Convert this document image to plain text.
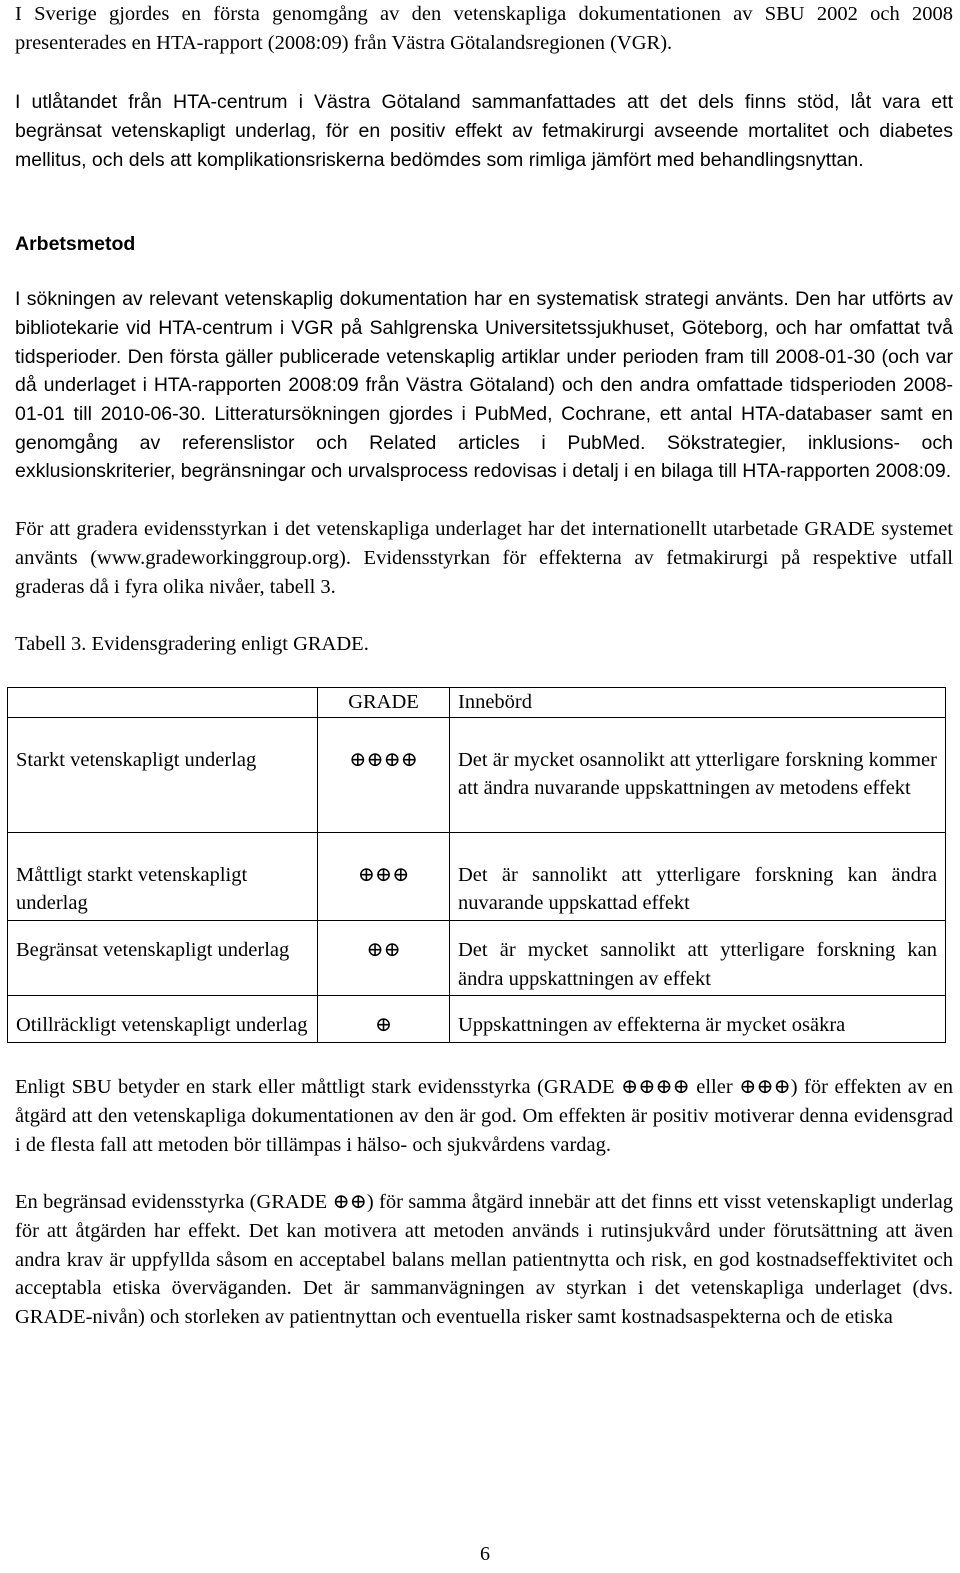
I Sverige gjordes en första genomgång av den vetenskapliga dokumentationen av SBU 2002 och 2008 presenterades en HTA-rapport (2008:09) från Västra Götalandsregionen (VGR).

I utlåtandet från HTA-centrum i Västra Götaland sammanfattades att det dels finns stöd, låt vara ett begränsat vetenskapligt underlag, för en positiv effekt av fetmakirurgi avseende mortalitet och diabetes mellitus, och dels att komplikationsriskerna bedömdes som rimliga jämfört med behandlingsnyttan.

Arbetsmetod

I sökningen av relevant vetenskaplig dokumentation har en systematisk strategi använts. Den har utförts av bibliotekarie vid HTA-centrum i VGR på Sahlgrenska Universitetssjukhuset, Göteborg, och har omfattat två tidsperioder. Den första gäller publicerade vetenskaplig artiklar under perioden fram till 2008-01-30 (och var då underlaget i HTA-rapporten 2008:09 från Västra Götaland) och den andra omfattade tidsperioden 2008-01-01 till 2010-06-30. Litteratursökningen gjordes i PubMed, Cochrane, ett antal HTA-databaser samt en genomgång av referenslistor och Related articles i PubMed. Sökstrategier, inklusions- och exklusionskriterier, begränsningar och urvalsprocess redovisas i detalj i en bilaga till HTA-rapporten 2008:09.

För att gradera evidensstyrkan i det vetenskapliga underlaget har det internationellt utarbetade GRADE systemet använts (www.gradeworkinggroup.org). Evidensstyrkan för effekterna av fetmakirurgi på respektive utfall graderas då i fyra olika nivåer, tabell 3.

Tabell 3. Evidensgradering enligt GRADE.

	GRADE	Innebörd
Starkt vetenskapligt underlag	⊕⊕⊕⊕	Det är mycket osannolikt att ytterligare forskning kommer att ändra nuvarande uppskattningen av metodens effekt
Måttligt starkt vetenskapligt underlag	⊕⊕⊕	Det är sannolikt att ytterligare forskning kan ändra nuvarande uppskattad effekt
Begränsat vetenskapligt underlag	⊕⊕	Det är mycket sannolikt att ytterligare forskning kan ändra uppskattningen av effekt
Otillräckligt vetenskapligt underlag	⊕	Uppskattningen av effekterna är mycket osäkra

Enligt SBU betyder en stark eller måttligt stark evidensstyrka (GRADE ⊕⊕⊕⊕ eller ⊕⊕⊕) för effekten av en åtgärd att den vetenskapliga dokumentationen av den är god. Om effekten är positiv motiverar denna evidensgrad i de flesta fall att metoden bör tillämpas i hälso- och sjukvårdens vardag.

En begränsad evidensstyrka (GRADE ⊕⊕) för samma åtgärd innebär att det finns ett visst vetenskapligt underlag för att åtgärden har effekt. Det kan motivera att metoden används i rutinsjukvård under förutsättning att även andra krav är uppfyllda såsom en acceptabel balans mellan patientnytta och risk, en god kostnadseffektivitet och acceptabla etiska överväganden. Det är sammanvägningen av styrkan i det vetenskapliga underlaget (dvs. GRADE-nivån) och storleken av patientnyttan och eventuella risker samt kostnadsaspekterna och de etiska

6
